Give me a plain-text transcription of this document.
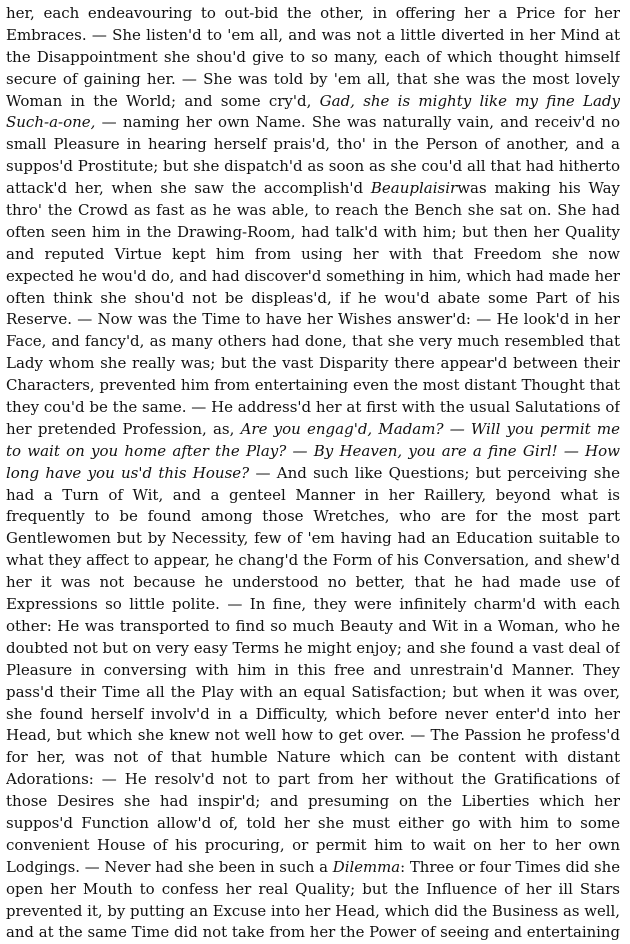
her, each endeavouring to out-bid the other, in offering her a Price for her
Embraces. — She listen'd to 'em all, and was not a little diverted in her Mind at
the Disappointment she shou'd give to so many, each of which thought himself
secure of gaining her. — She was told by 'em all, that she was the most lovely
Woman in the World; and some cry'd, Gad, she is mighty like my fine Lady
Such-a-one, — naming her own Name. She was naturally vain, and receiv'd no
small Pleasure in hearing herself prais'd, tho' in the Person of another, and a
suppos'd Prostitute; but she dispatch'd as soon as she cou'd all that had hitherto
attack'd her, when she saw the accomplish'd Beauplaisirwas making his Way
thro' the Crowd as fast as he was able, to reach the Bench she sat on. She had
often seen him in the Drawing-Room, had talk'd with him; but then her Quality
and reputed Virtue kept him from using her with that Freedom she now
expected he wou'd do, and had discover'd something in him, which had made her
often think she shou'd not be displeas'd, if he wou'd abate some Part of his
Reserve. — Now was the Time to have her Wishes answer'd: — He look'd in her
Face, and fancy'd, as many others had done, that she very much resembled that
Lady whom she really was; but the vast Disparity there appear'd between their
Characters, prevented him from entertaining even the most distant Thought that
they cou'd be the same. — He address'd her at first with the usual Salutations of
her pretended Profession, as, Are you engag'd, Madam? — Will you permit me
to wait on you home after the Play? — By Heaven, you are a fine Girl! — How
long have you us'd this House? — And such like Questions; but perceiving she
had a Turn of Wit, and a genteel Manner in her Raillery, beyond what is
frequently to be found among those Wretches, who are for the most part
Gentlewomen but by Necessity, few of 'em having had an Education suitable to
what they affect to appear, he chang'd the Form of his Conversation, and shew'd
her it was not because he understood no better, that he had made use of
Expressions so little polite. — In fine, they were infinitely charm'd with each
other: He was transported to find so much Beauty and Wit in a Woman, who he
doubted not but on very easy Terms he might enjoy; and she found a vast deal of
Pleasure in conversing with him in this free and unrestrain'd Manner. They
pass'd their Time all the Play with an equal Satisfaction; but when it was over,
she found herself involv'd in a Difficulty, which before never enter'd into her
Head, but which she knew not well how to get over. — The Passion he profess'd
for her, was not of that humble Nature which can be content with distant
Adorations: — He resolv'd not to part from her without the Gratifications of
those Desires she had inspir'd; and presuming on the Liberties which her
suppos'd Function allow'd of, told her she must either go with him to some
convenient House of his procuring, or permit him to wait on her to her own
Lodgings. — Never had she been in such a Dilemma: Three or four Times did she
open her Mouth to confess her real Quality; but the Influence of her ill Stars
prevented it, by putting an Excuse into her Head, which did the Business as well,
and at the same Time did not take from her the Power of seeing and entertaining
